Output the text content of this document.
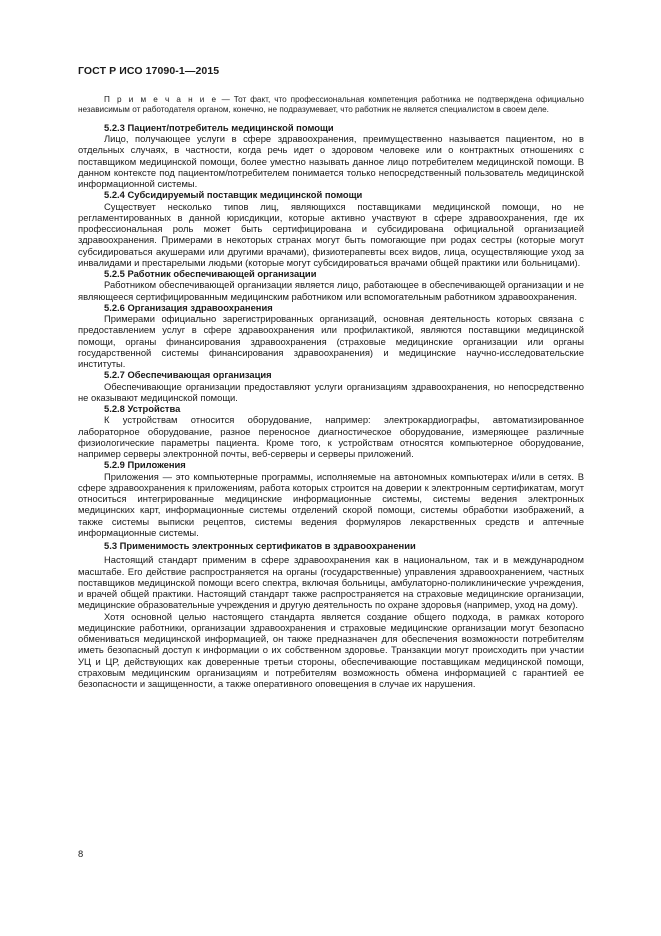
ГОСТ Р ИСО 17090-1—2015

П р и м е ч а н и е — Тот факт, что профессиональная компетенция работника не подтверждена официально независимым от работодателя органом, конечно, не подразумевает, что работник не является специалистом в своем деле.

5.2.3 Пациент/потребитель медицинской помощи

Лицо, получающее услуги в сфере здравоохранения, преимущественно называется пациентом, но в отдельных случаях, в частности, когда речь идет о здоровом человеке или о контрактных отношениях с поставщиком медицинской помощи, более уместно называть данное лицо потребителем медицинской помощи. В данном контексте под пациентом/потребителем понимается только непосредственный пользователь медицинской информационной системы.

5.2.4 Субсидируемый поставщик медицинской помощи

Существует несколько типов лиц, являющихся поставщиками медицинской помощи, но не регламентированных в данной юрисдикции, которые активно участвуют в сфере здравоохранения, где их профессиональная роль может быть сертифицирована и субсидирована официальной организацией здравоохранения. Примерами в некоторых странах могут быть помогающие при родах сестры (которые могут субсидироваться акушерами или другими врачами), физиотерапевты всех видов, лица, осуществляющие уход за инвалидами и престарелыми людьми (которые могут субсидироваться врачами общей практики или больницами).

5.2.5 Работник обеспечивающей организации

Работником обеспечивающей организации является лицо, работающее в обеспечивающей организации и не являющееся сертифицированным медицинским работником или вспомогательным работником здравоохранения.

5.2.6 Организация здравоохранения

Примерами официально зарегистрированных организаций, основная деятельность которых связана с предоставлением услуг в сфере здравоохранения или профилактикой, являются поставщики медицинской помощи, органы финансирования здравоохранения (страховые медицинские организации или органы государственной системы финансирования здравоохранения) и медицинские научно-исследовательские институты.

5.2.7 Обеспечивающая организация

Обеспечивающие организации предоставляют услуги организациям здравоохранения, но непосредственно не оказывают медицинской помощи.

5.2.8 Устройства

К устройствам относится оборудование, например: электрокардиографы, автоматизированное лабораторное оборудование, разное переносное диагностическое оборудование, измеряющее различные физиологические параметры пациента. Кроме того, к устройствам относятся компьютерное оборудование, например серверы электронной почты, веб-серверы и серверы приложений.

5.2.9 Приложения

Приложения — это компьютерные программы, исполняемые на автономных компьютерах и/или в сетях. В сфере здравоохранения к приложениям, работа которых строится на доверии к электронным сертификатам, могут относиться интегрированные медицинские информационные системы, системы ведения электронных медицинских карт, информационные системы отделений скорой помощи, системы обработки изображений, а также системы выписки рецептов, системы ведения формуляров лекарственных средств и аптечные информационные системы.

5.3 Применимость электронных сертификатов в здравоохранении

Настоящий стандарт применим в сфере здравоохранения как в национальном, так и в международном масштабе. Его действие распространяется на органы (государственные) управления здравоохранением, частных поставщиков медицинской помощи всего спектра, включая больницы, амбулаторно-поликлинические учреждения, и врачей общей практики. Настоящий стандарт также распространяется на страховые медицинские организации, медицинские образовательные учреждения и другую деятельность по охране здоровья (например, уход на дому).

Хотя основной целью настоящего стандарта является создание общего подхода, в рамках которого медицинские работники, организации здравоохранения и страховые медицинские организации могут безопасно обмениваться медицинской информацией, он также предназначен для обеспечения возможности потребителям иметь безопасный доступ к информации о их собственном здоровье. Транзакции могут происходить при участии УЦ и ЦР, действующих как доверенные третьи стороны, обеспечивающие поставщикам медицинской помощи, страховым медицинским организациям и потребителям возможность обмена информацией с гарантией ее безопасности и защищенности, а также оперативного оповещения в случае их нарушения.

8
